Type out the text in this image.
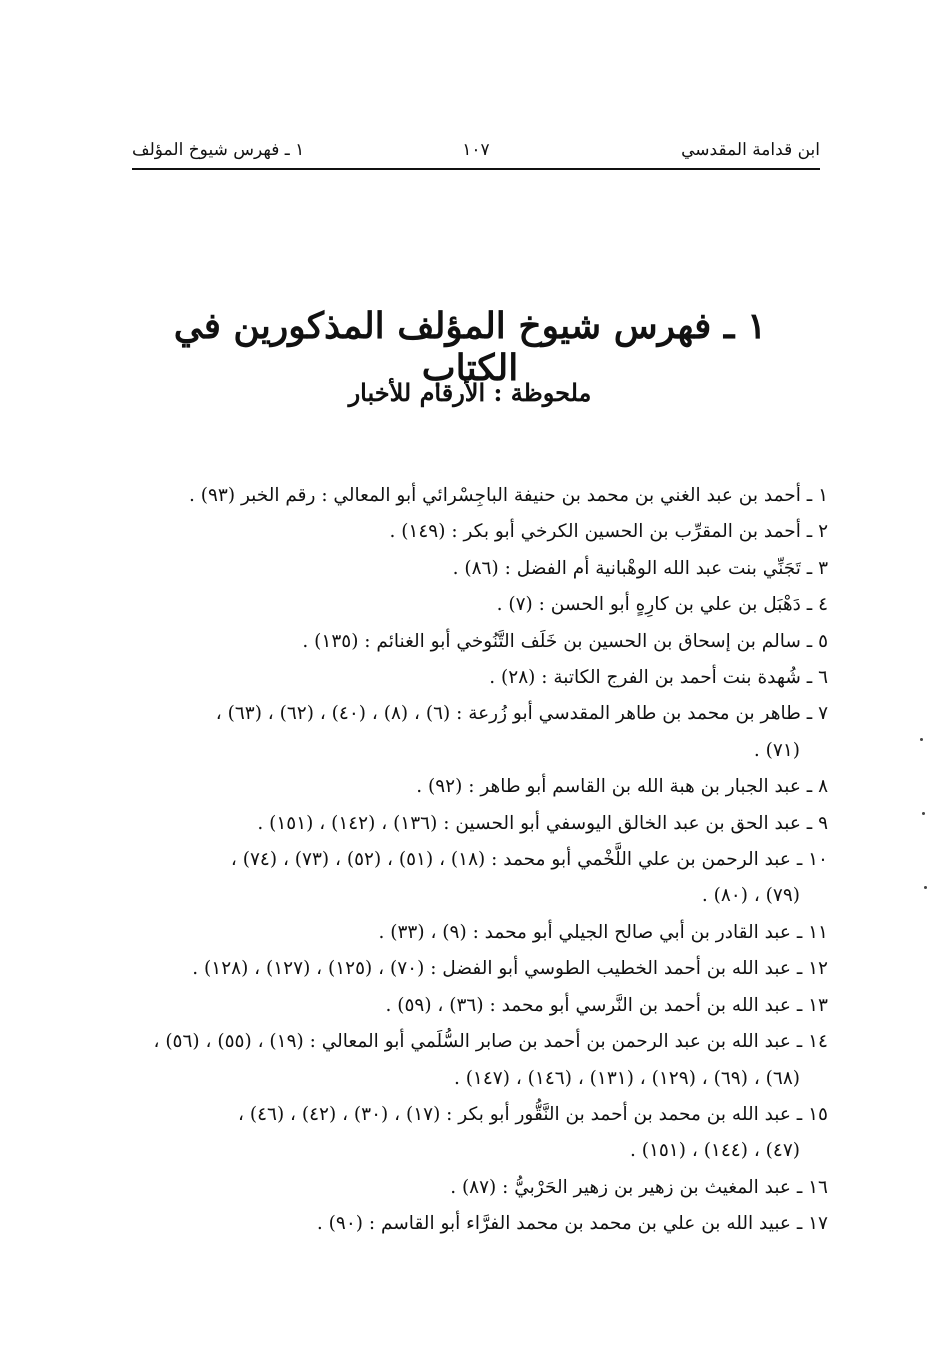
ابن قدامة المقدسي
١٠٧
١ ـ فهرس شيوخ المؤلف
١ ـ فهرس شيوخ المؤلف المذكورين في الكتاب
ملحوظة : الأرقام للأخبار
١ ـ أحمد بن عبد الغني بن محمد بن حنيفة الباجِسْرائي أبو المعالي : رقم الخبر (٩٣) .
٢ ـ أحمد بن المقرِّب بن الحسين الكرخي أبو بكر : (١٤٩) .
٣ ـ تَجَنِّي بنت عبد الله الوهْبانية أم الفضل : (٨٦) .
٤ ـ دَهْبَل بن علي بن كارِهٍ أبو الحسن : (٧) .
٥ ـ سالم بن إسحاق بن الحسين بن خَلَف التَّنُوخي أبو الغنائم : (١٣٥) .
٦ ـ شُهدة بنت أحمد بن الفرج الكاتبة : (٢٨) .
٧ ـ طاهر بن محمد بن طاهر المقدسي أبو زُرعة : (٦) ، (٨) ، (٤٠) ، (٦٢) ، (٦٣) ،
(٧١) .
٨ ـ عبد الجبار بن هبة الله بن القاسم أبو طاهر : (٩٢) .
٩ ـ عبد الحق بن عبد الخالق اليوسفي أبو الحسين : (١٣٦) ، (١٤٢) ، (١٥١) .
١٠ ـ عبد الرحمن بن علي اللَّخْمي أبو محمد : (١٨) ، (٥١) ، (٥٢) ، (٧٣) ، (٧٤) ،
(٧٩) ، (٨٠) .
١١ ـ عبد القادر بن أبي صالح الجيلي أبو محمد : (٩) ، (٣٣) .
١٢ ـ عبد الله بن أحمد الخطيب الطوسي أبو الفضل : (٧٠) ، (١٢٥) ، (١٢٧) ، (١٢٨) .
١٣ ـ عبد الله بن أحمد بن النَّرسي أبو محمد : (٣٦) ، (٥٩) .
١٤ ـ عبد الله بن عبد الرحمن بن أحمد بن صابر السُّلَمي أبو المعالي : (١٩) ، (٥٥) ، (٥٦) ،
(٦٨) ، (٦٩) ، (١٢٩) ، (١٣١) ، (١٤٦) ، (١٤٧) .
١٥ ـ عبد الله بن محمد بن أحمد بن النَّقُّور أبو بكر : (١٧) ، (٣٠) ، (٤٢) ، (٤٦) ،
(٤٧) ، (١٤٤) ، (١٥١) .
١٦ ـ عبد المغيث بن زهير بن زهير الحَرْبيُّ : (٨٧) .
١٧ ـ عبيد الله بن علي بن محمد بن محمد الفرَّاء أبو القاسم : (٩٠) .
